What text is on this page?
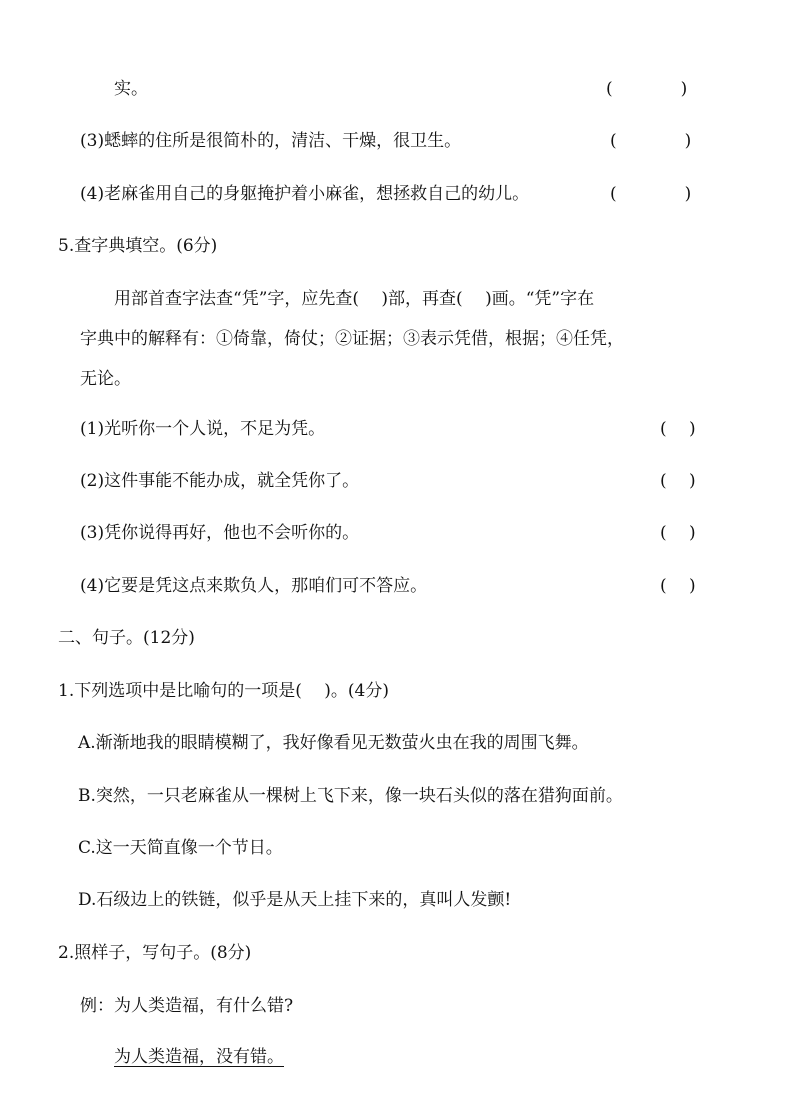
实。	(　　　　)
(3)蟋蟀的住所是很简朴的，清洁、干燥，很卫生。	(　　　　)
(4)老麻雀用自己的身躯掩护着小麻雀，想拯救自己的幼儿。	(　　　　)
5.查字典填空。(6分)
用部首查字法查“凭”字，应先查(　 )部，再查(　 )画。“凭”字在
字典中的解释有：①倚靠，倚仗；②证据；③表示凭借，根据；④任凭，
无论。
(1)光听你一个人说，不足为凭。	(　 )
(2)这件事能不能办成，就全凭你了。	(　 )
(3)凭你说得再好，他也不会听你的。	(　 )
(4)它要是凭这点来欺负人，那咱们可不答应。	(　 )
二、句子。(12分)
1.下列选项中是比喻句的一项是(　 )。(4分)
A.渐渐地我的眼睛模糊了，我好像看见无数萤火虫在我的周围飞舞。
B.突然，一只老麻雀从一棵树上飞下来，像一块石头似的落在猎狗面前。
C.这一天简直像一个节日。
D.石级边上的铁链，似乎是从天上挂下来的，真叫人发颤!
2.照样子，写句子。(8分)
例：为人类造福，有什么错?
为人类造福，没有错。
